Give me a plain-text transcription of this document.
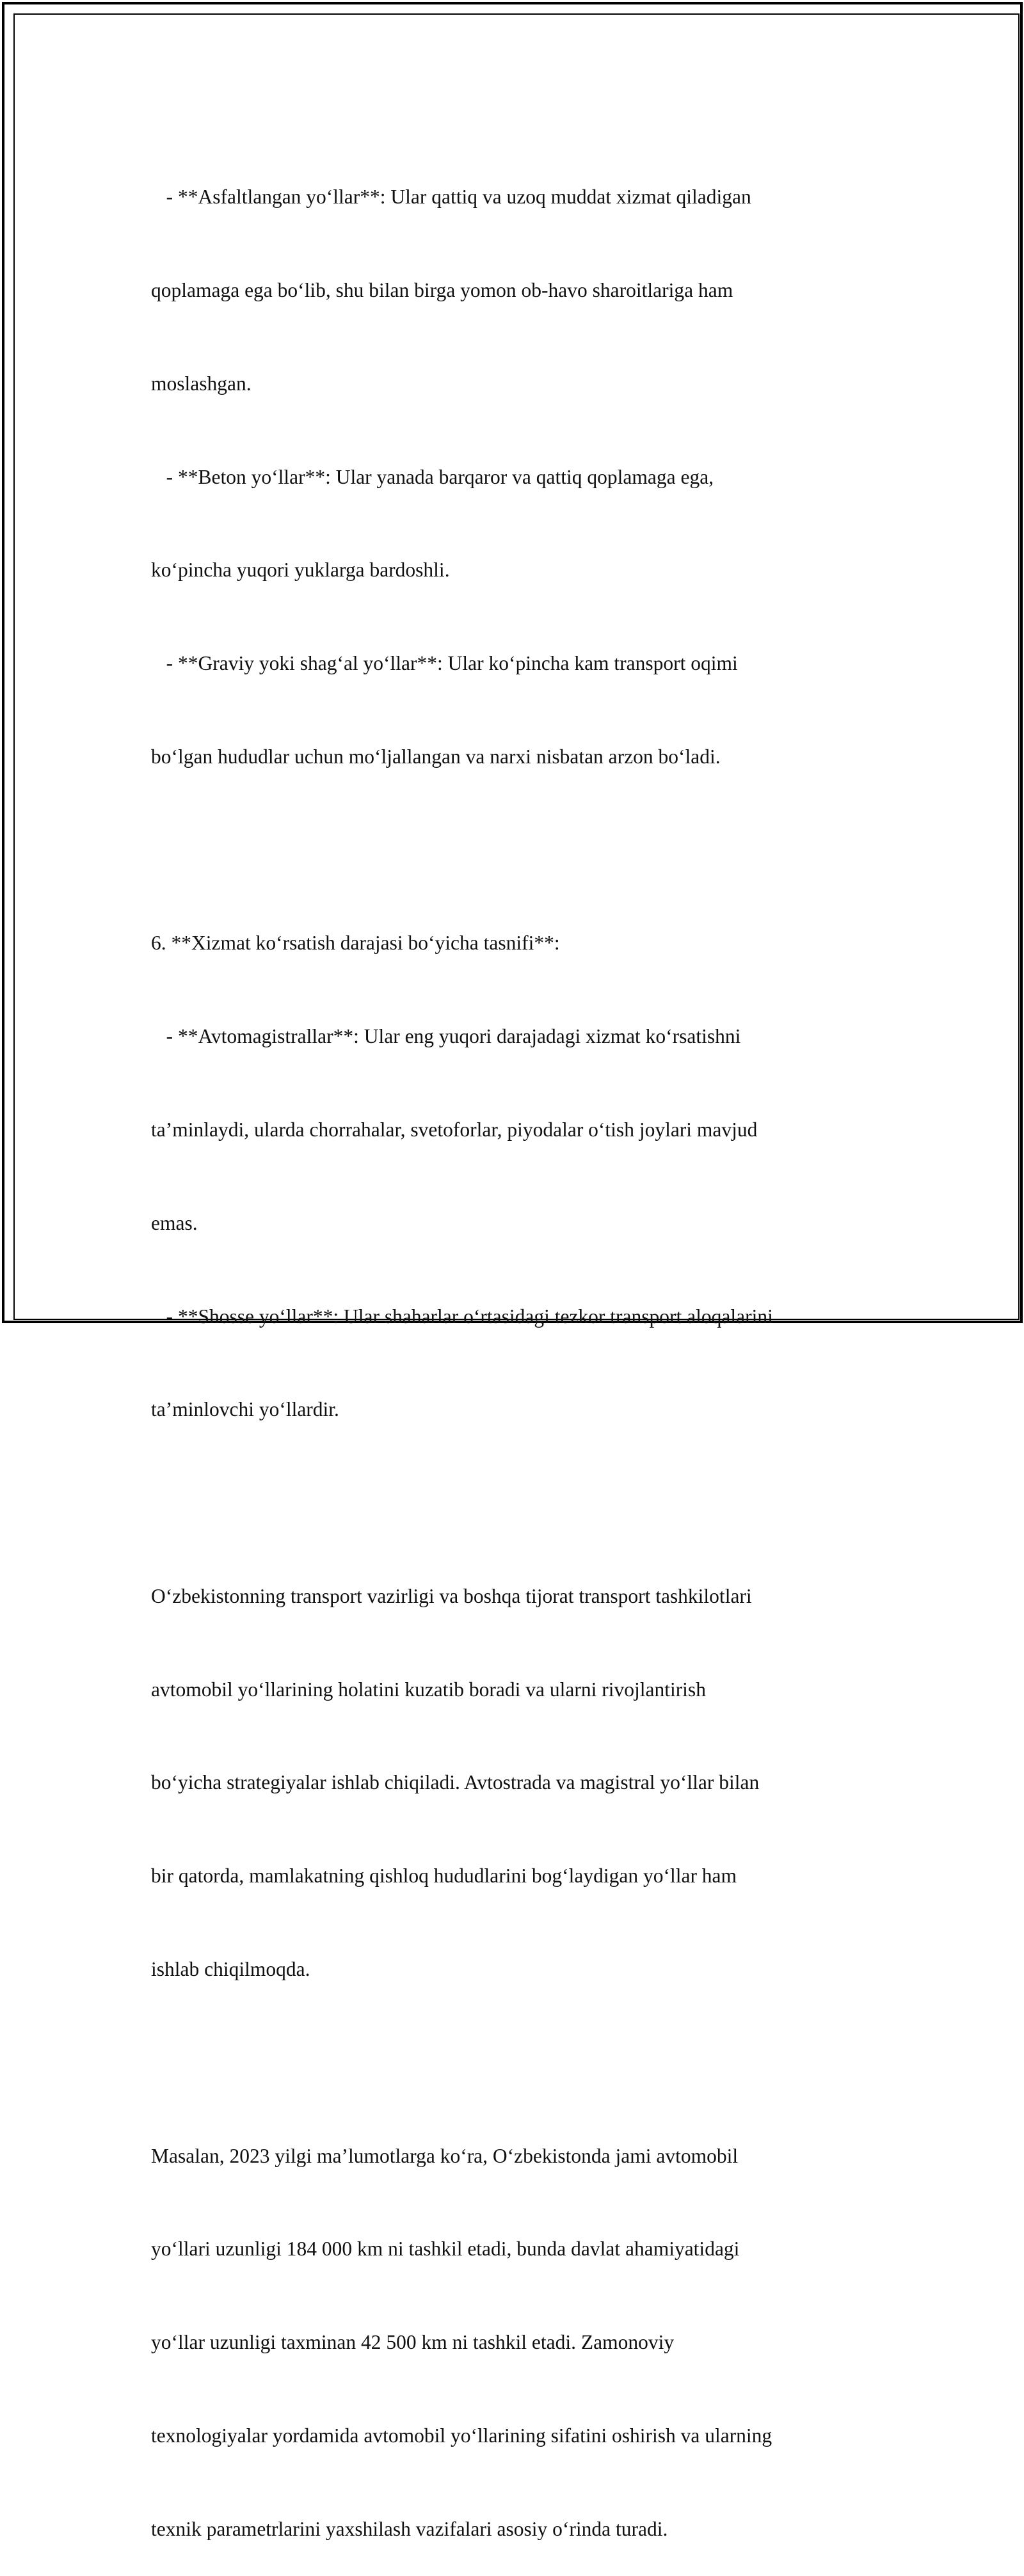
- **Asfaltlangan yo‘llar**: Ular qattiq va uzoq muddat xizmat qiladigan

qoplamaga ega bo‘lib, shu bilan birga yomon ob-havo sharoitlariga ham

moslashgan.

- **Beton yo‘llar**: Ular yanada barqaror va qattiq qoplamaga ega,

ko‘pincha yuqori yuklarga bardoshli.

- **Graviy yoki shag‘al yo‘llar**: Ular ko‘pincha kam transport oqimi

bo‘lgan hududlar uchun mo‘ljallangan va narxi nisbatan arzon bo‘ladi.

6. **Xizmat ko‘rsatish darajasi bo‘yicha tasnifi**:

- **Avtomagistrallar**: Ular eng yuqori darajadagi xizmat ko‘rsatishni

ta’minlaydi, ularda chorrahalar, svetoforlar, piyodalar o‘tish joylari mavjud

emas.

- **Shosse yo‘llar**: Ular shaharlar o‘rtasidagi tezkor transport aloqalarini

ta’minlovchi yo‘llardir.

O‘zbekistonning transport vazirligi va boshqa tijorat transport tashkilotlari

avtomobil yo‘llarining holatini kuzatib boradi va ularni rivojlantirish

bo‘yicha strategiyalar ishlab chiqiladi. Avtostrada va magistral yo‘llar bilan

bir qatorda, mamlakatning qishloq hududlarini bog‘laydigan yo‘llar ham

ishlab chiqilmoqda.

Masalan, 2023 yilgi ma’lumotlarga ko‘ra, O‘zbekistonda jami avtomobil

yo‘llari uzunligi 184 000 km ni tashkil etadi, bunda davlat ahamiyatidagi

yo‘llar uzunligi taxminan 42 500 km ni tashkil etadi. Zamonoviy

texnologiyalar yordamida avtomobil yo‘llarining sifatini oshirish va ularning

texnik parametrlarini yaxshilash vazifalari asosiy o‘rinda turadi.
